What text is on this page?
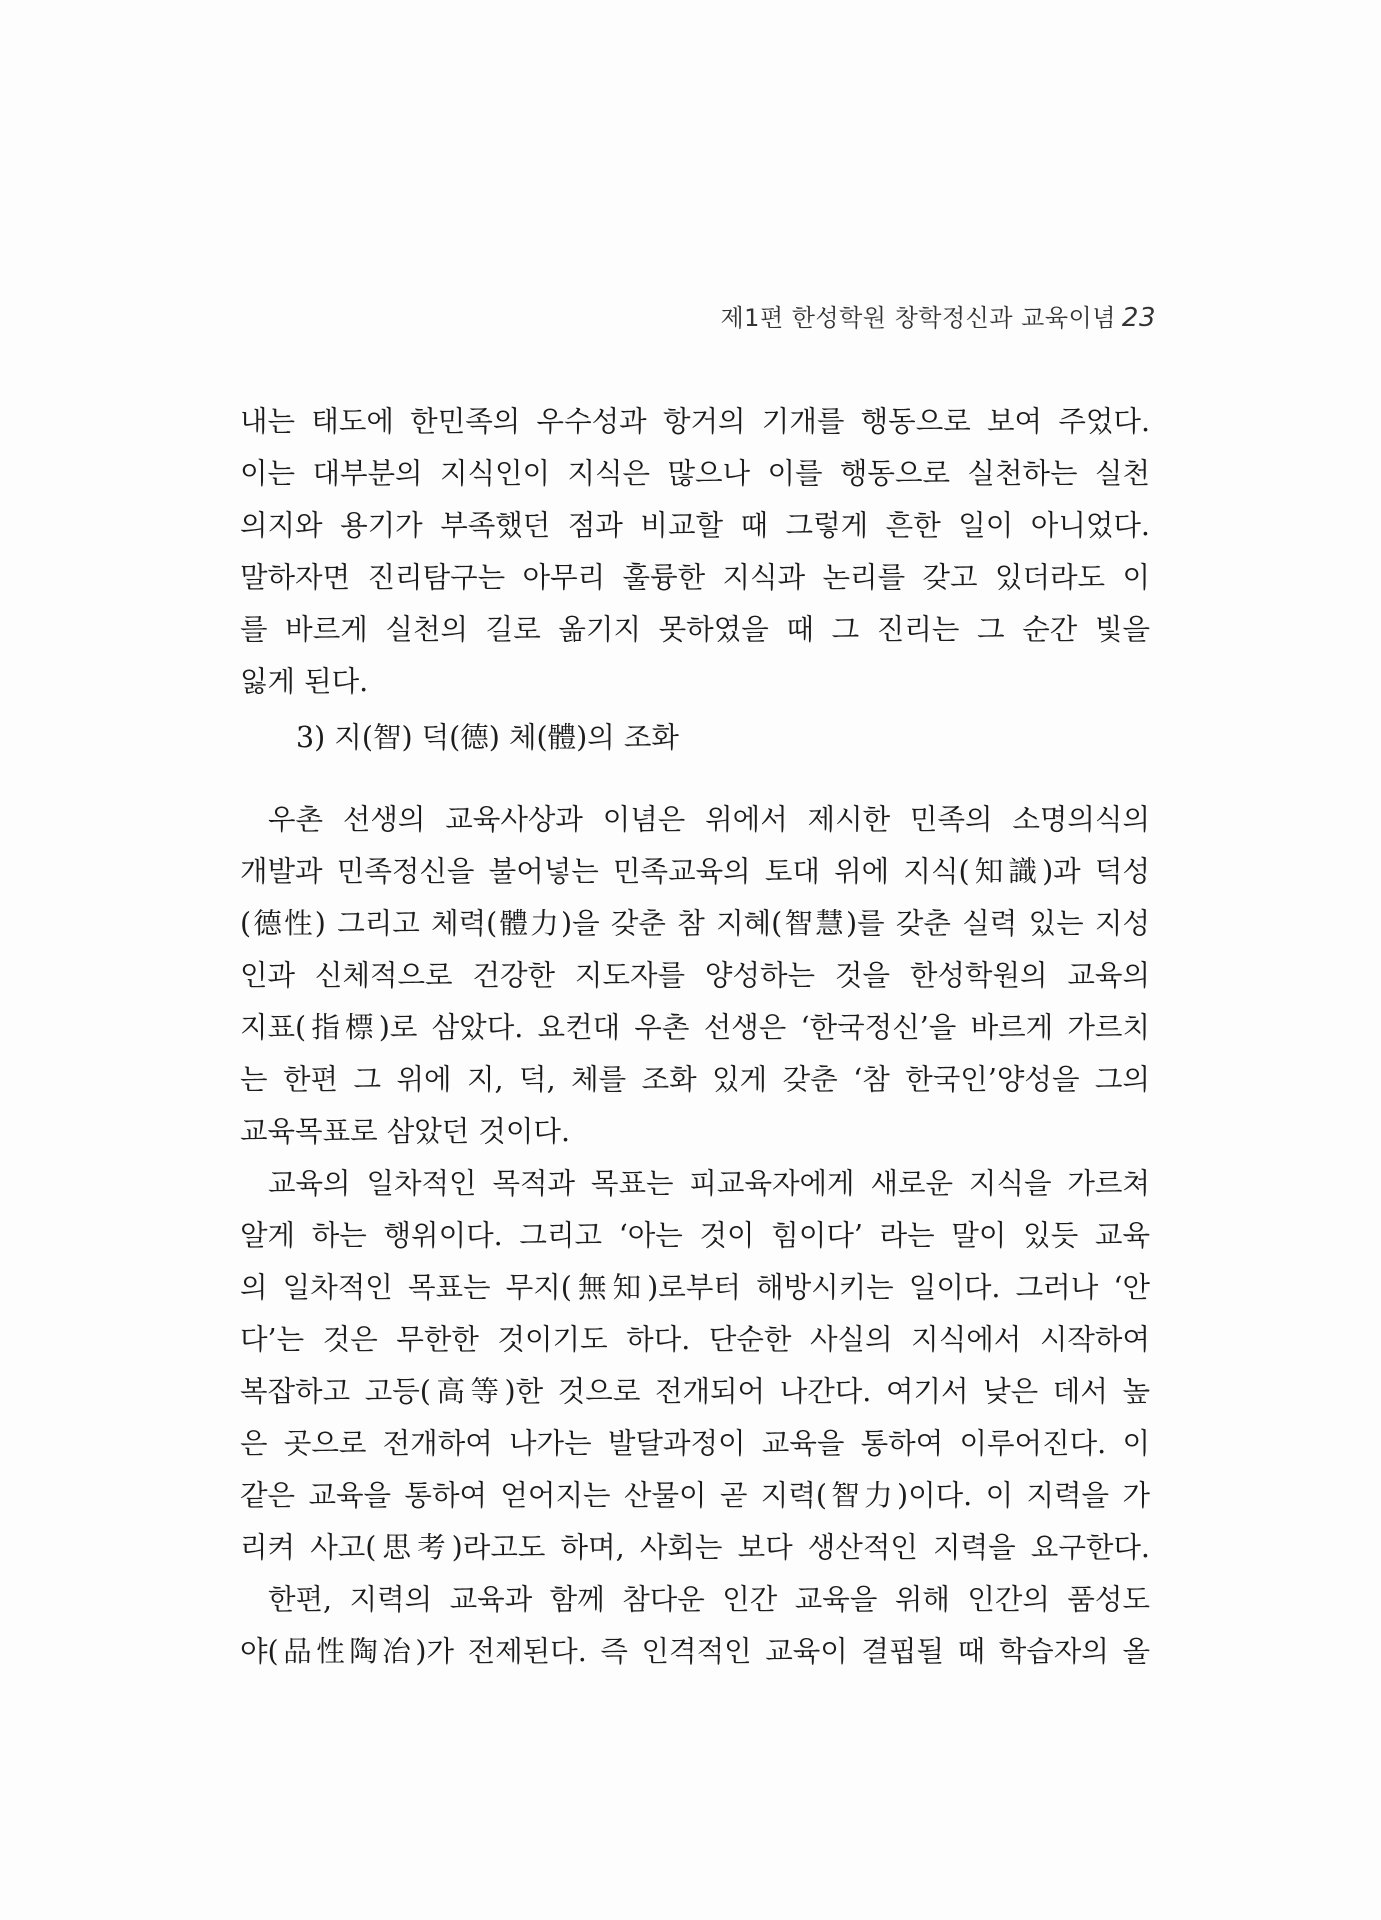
제1편 한성학원 창학정신과 교육이념 23
내는 태도에 한민족의 우수성과 항거의 기개를 행동으로 보여 주었다.
이는 대부분의 지식인이 지식은 많으나 이를 행동으로 실천하는 실천
의지와 용기가 부족했던 점과 비교할 때 그렇게 흔한 일이 아니었다.
말하자면 진리탐구는 아무리 훌륭한 지식과 논리를 갖고 있더라도 이
를 바르게 실천의 길로 옮기지 못하였을 때 그 진리는 그 순간 빛을
잃게 된다.
3) 지(智) 덕(德) 체(體)의 조화
우촌 선생의 교육사상과 이념은 위에서 제시한 민족의 소명의식의
개발과 민족정신을 불어넣는 민족교육의 토대 위에 지식(知識)과 덕성
(德性) 그리고 체력(體力)을 갖춘 참 지혜(智慧)를 갖춘 실력 있는 지성
인과 신체적으로 건강한 지도자를 양성하는 것을 한성학원의 교육의
지표(指標)로 삼았다. 요컨대 우촌 선생은 ‘한국정신’을 바르게 가르치
는 한편 그 위에 지, 덕, 체를 조화 있게 갖춘 ‘참 한국인’양성을 그의
교육목표로 삼았던 것이다.
교육의 일차적인 목적과 목표는 피교육자에게 새로운 지식을 가르쳐
알게 하는 행위이다. 그리고 ‘아는 것이 힘이다’ 라는 말이 있듯 교육
의 일차적인 목표는 무지(無知)로부터 해방시키는 일이다. 그러나 ‘안
다’는 것은 무한한 것이기도 하다. 단순한 사실의 지식에서 시작하여
복잡하고 고등(高等)한 것으로 전개되어 나간다. 여기서 낮은 데서 높
은 곳으로 전개하여 나가는 발달과정이 교육을 통하여 이루어진다. 이
같은 교육을 통하여 얻어지는 산물이 곧 지력(智力)이다. 이 지력을 가
리켜 사고(思考)라고도 하며, 사회는 보다 생산적인 지력을 요구한다.
한편, 지력의 교육과 함께 참다운 인간 교육을 위해 인간의 품성도
야(品性陶冶)가 전제된다. 즉 인격적인 교육이 결핍될 때 학습자의 올
